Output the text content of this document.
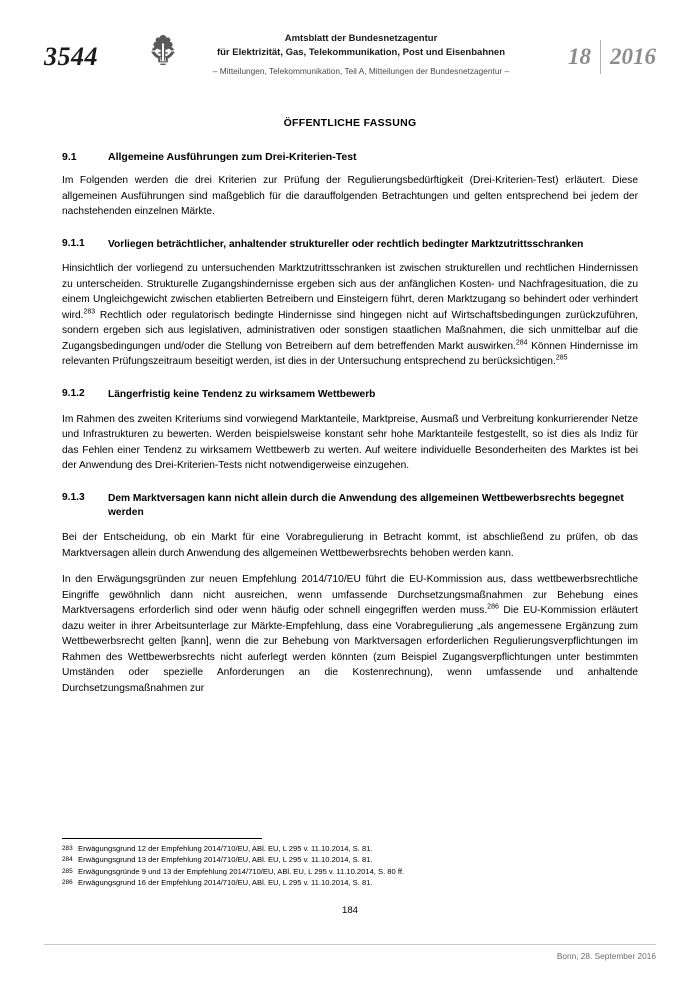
3544
Amtsblatt der Bundesnetzagentur
für Elektrizität, Gas, Telekommunikation, Post und Eisenbahnen
– Mitteilungen, Telekommunikation, Teil A, Mitteilungen der Bundesnetzagentur –
18 2016
ÖFFENTLICHE FASSUNG
9.1	Allgemeine Ausführungen zum Drei-Kriterien-Test

Im Folgenden werden die drei Kriterien zur Prüfung der Regulierungsbedürftigkeit (Drei-Kriterien-Test) erläutert. Diese allgemeinen Ausführungen sind maßgeblich für die darauffolgenden Betrachtungen und gelten entsprechend bei jedem der nachstehenden einzelnen Märkte.

9.1.1	Vorliegen beträchtlicher, anhaltender struktureller oder rechtlich bedingter Marktzutrittsschranken

Hinsichtlich der vorliegend zu untersuchenden Marktzutrittsschranken ist zwischen strukturellen und rechtlichen Hindernissen zu unterscheiden. Strukturelle Zugangshindernisse ergeben sich aus der anfänglichen Kosten- und Nachfragesituation, die zu einem Ungleichgewicht zwischen etablierten Betreibern und Einsteigern führt, deren Marktzugang so behindert oder verhindert wird.$^{283}$ Rechtlich oder regulatorisch bedingte Hindernisse sind hingegen nicht auf Wirtschaftsbedingungen zurückzuführen, sondern ergeben sich aus legislativen, administrativen oder sonstigen staatlichen Maßnahmen, die sich unmittelbar auf die Zugangsbedingungen und/oder die Stellung von Betreibern auf dem betreffenden Markt auswirken.$^{284}$ Können Hindernisse im relevanten Prüfungszeitraum beseitigt werden, ist dies in der Untersuchung entsprechend zu berücksichtigen.$^{285}$

9.1.2	Längerfristig keine Tendenz zu wirksamem Wettbewerb

Im Rahmen des zweiten Kriteriums sind vorwiegend Marktanteile, Marktpreise, Ausmaß und Verbreitung konkurrierender Netze und Infrastrukturen zu bewerten. Werden beispielsweise konstant sehr hohe Marktanteile festgestellt, so ist dies als Indiz für das Fehlen einer Tendenz zu wirksamem Wettbewerb zu werten. Auf weitere individuelle Besonderheiten des Marktes ist bei der Anwendung des Drei-Kriterien-Tests nicht notwendigerweise einzugehen.

9.1.3	Dem Marktversagen kann nicht allein durch die Anwendung des allgemeinen Wettbewerbsrechts begegnet werden

Bei der Entscheidung, ob ein Markt für eine Vorabregulierung in Betracht kommt, ist abschließend zu prüfen, ob das Marktversagen allein durch Anwendung des allgemeinen Wettbewerbsrechts behoben werden kann.

In den Erwägungsgründen zur neuen Empfehlung 2014/710/EU führt die EU-Kommission aus, dass wettbewerbsrechtliche Eingriffe gewöhnlich dann nicht ausreichen, wenn umfassende Durchsetzungsmaßnahmen zur Behebung eines Marktversagens erforderlich sind oder wenn häufig oder schnell eingegriffen werden muss.$^{286}$ Die EU-Kommission erläutert dazu weiter in ihrer Arbeitsunterlage zur Märkte-Empfehlung, dass eine Vorabregulierung „als angemessene Ergänzung zum Wettbewerbsrecht gelten [kann], wenn die zur Behebung von Marktversagen erforderlichen Regulierungsverpflichtungen im Rahmen des Wettbewerbsrechts nicht auferlegt werden könnten (zum Beispiel Zugangsverpflichtungen unter bestimmten Umständen oder spezielle Anforderungen an die Kostenrechnung), wenn umfassende und anhaltende Durchsetzungsmaßnahmen zur

283 Erwägungsgrund 12 der Empfehlung 2014/710/EU, ABl. EU, L 295 v. 11.10.2014, S. 81.
284 Erwägungsgrund 13 der Empfehlung 2014/710/EU, ABl. EU, L 295 v. 11.10.2014, S. 81.
285 Erwägungsgründe 9 und 13 der Empfehlung 2014/710/EU, ABl. EU, L 295 v. 11.10.2014, S. 80 ff.
286 Erwägungsgrund 16 der Empfehlung 2014/710/EU, ABl. EU, L 295 v. 11.10.2014, S. 81.
184
Bonn, 28. September 2016
